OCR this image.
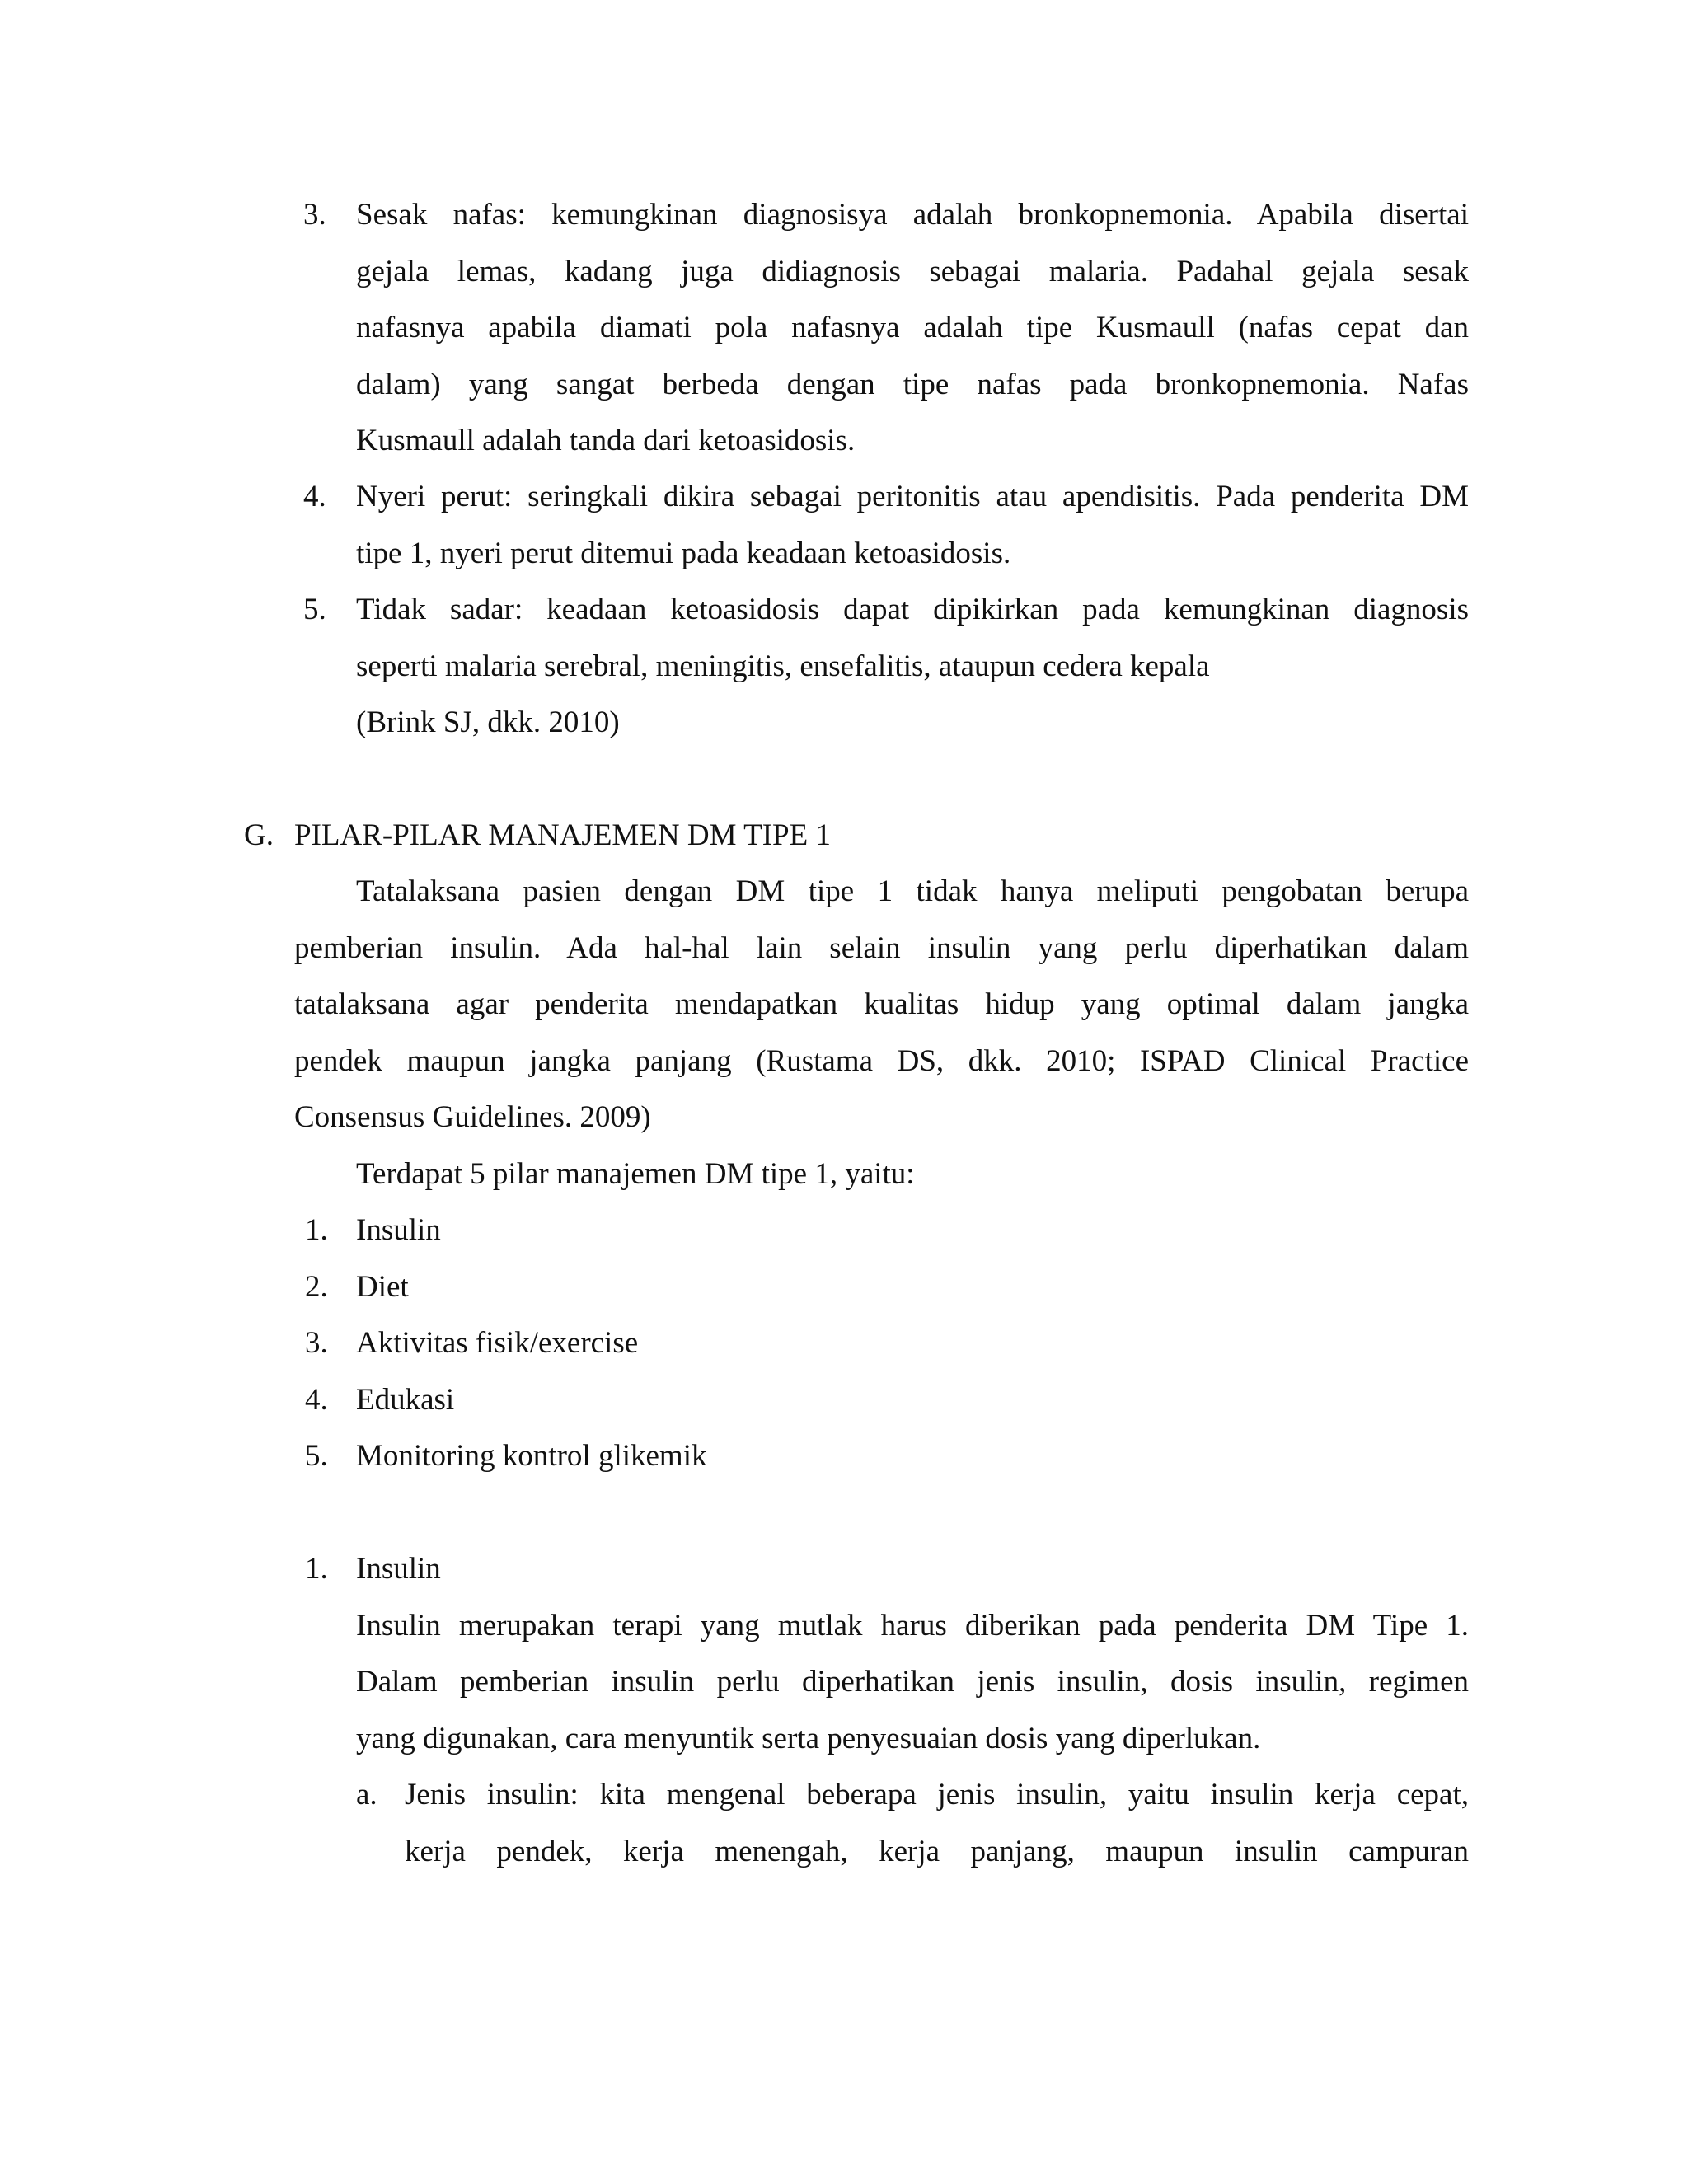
3. Sesak nafas: kemungkinan diagnosisya adalah bronkopnemonia. Apabila disertai
gejala lemas, kadang juga didiagnosis sebagai malaria. Padahal gejala sesak
nafasnya apabila diamati pola nafasnya adalah tipe Kusmaull (nafas cepat dan
dalam) yang sangat berbeda dengan tipe nafas pada bronkopnemonia. Nafas
Kusmaull adalah tanda dari ketoasidosis.
4. Nyeri perut: seringkali dikira sebagai peritonitis atau apendisitis. Pada penderita DM
tipe 1, nyeri perut ditemui pada keadaan ketoasidosis.
5. Tidak sadar: keadaan ketoasidosis dapat dipikirkan pada kemungkinan diagnosis
seperti malaria serebral, meningitis, ensefalitis, ataupun cedera kepala
(Brink SJ, dkk. 2010)
G. PILAR-PILAR MANAJEMEN DM TIPE 1
Tatalaksana pasien dengan DM tipe 1 tidak hanya meliputi pengobatan berupa
pemberian insulin. Ada hal-hal lain selain insulin yang perlu diperhatikan dalam
tatalaksana agar penderita mendapatkan kualitas hidup yang optimal dalam jangka
pendek maupun jangka panjang (Rustama DS, dkk. 2010; ISPAD Clinical Practice
Consensus Guidelines. 2009)
Terdapat 5 pilar manajemen DM tipe 1, yaitu:
1. Insulin
2. Diet
3. Aktivitas fisik/exercise
4. Edukasi
5. Monitoring kontrol glikemik
1. Insulin
Insulin merupakan terapi yang mutlak harus diberikan pada penderita DM Tipe 1.
Dalam pemberian insulin perlu diperhatikan jenis insulin, dosis insulin, regimen
yang digunakan, cara menyuntik serta penyesuaian dosis yang diperlukan.
a. Jenis insulin: kita mengenal beberapa jenis insulin, yaitu insulin kerja cepat,
kerja pendek, kerja menengah, kerja panjang, maupun insulin campuran
